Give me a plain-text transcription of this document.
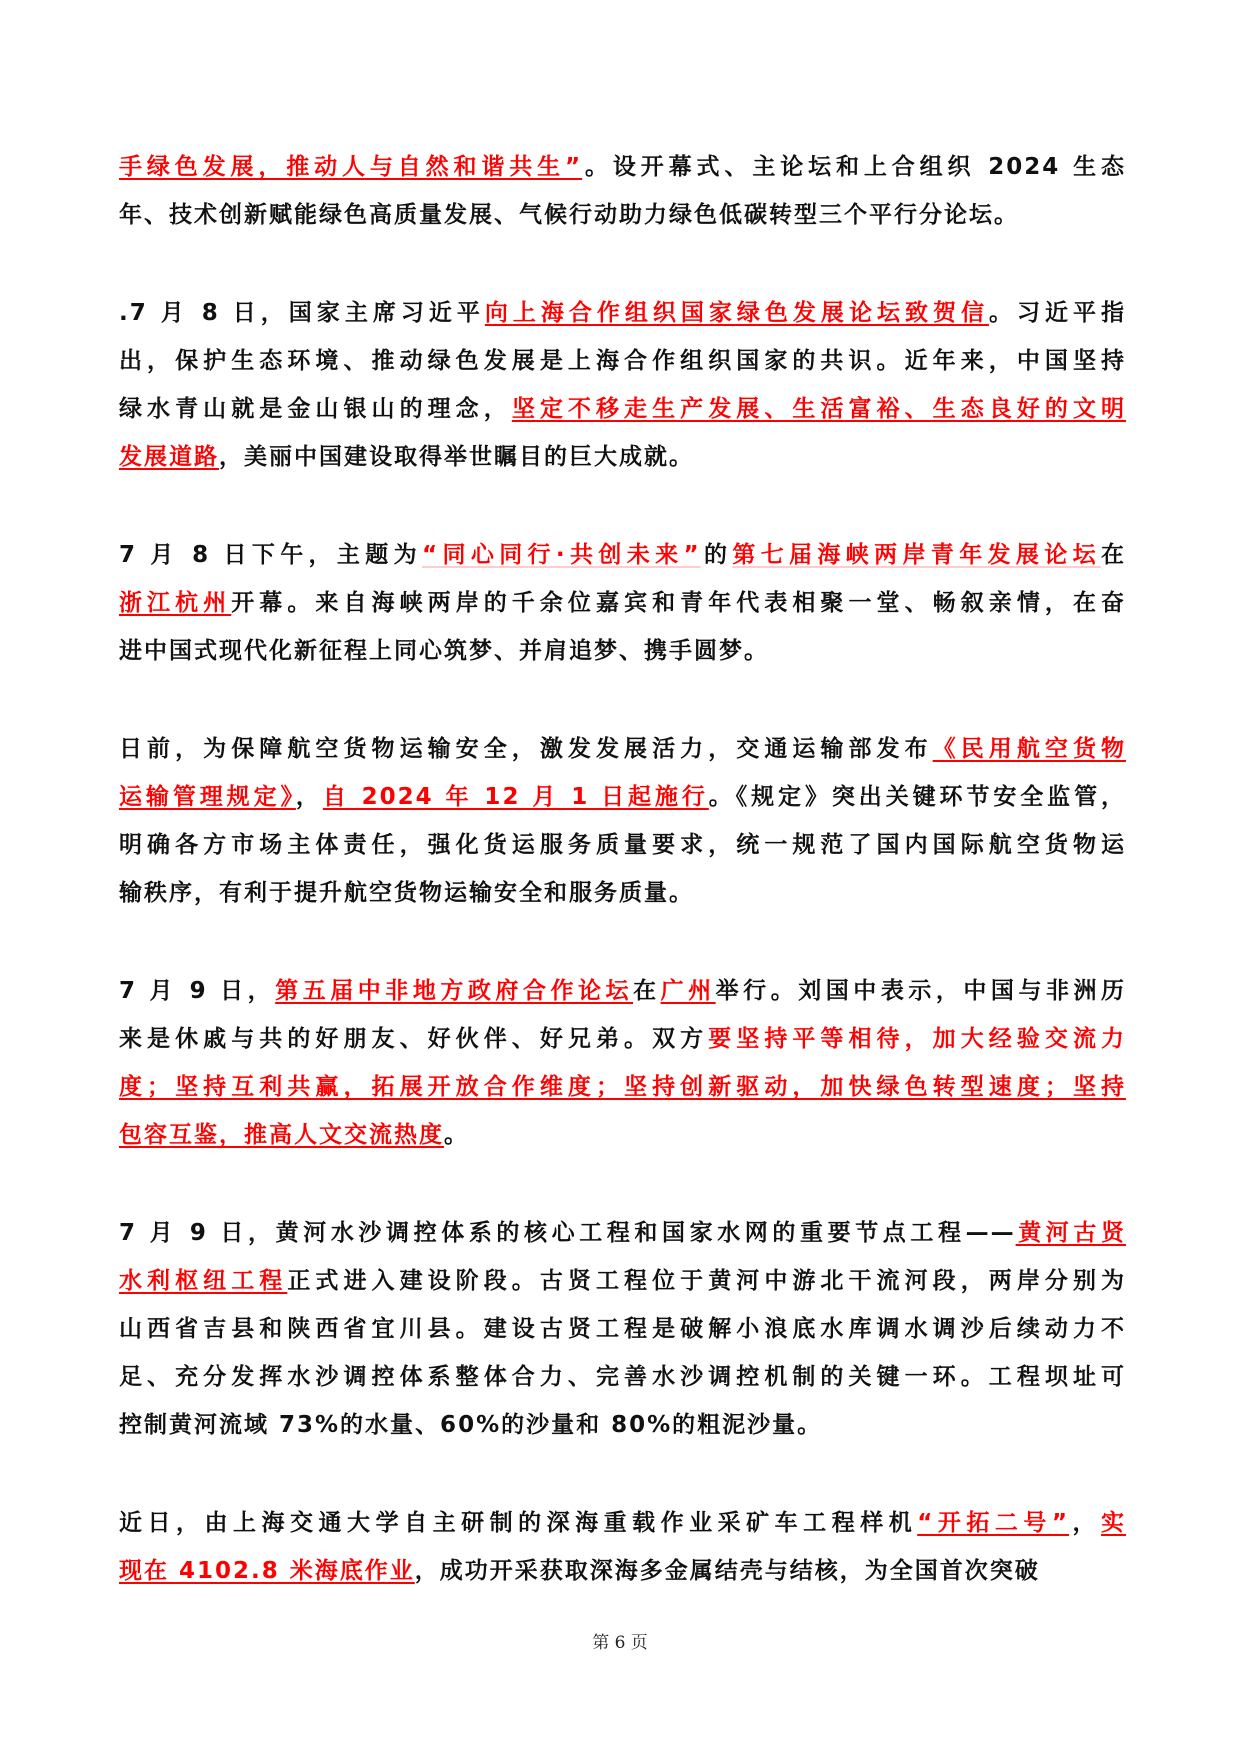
手绿色发展，推动人与自然和谐共生”。设开幕式、主论坛和上合组织 2024 生态
年、技术创新赋能绿色高质量发展、气候行动助力绿色低碳转型三个平行分论坛。
.7 月 8 日，国家主席习近平向上海合作组织国家绿色发展论坛致贺信。习近平指
出，保护生态环境、推动绿色发展是上海合作组织国家的共识。近年来，中国坚持
绿水青山就是金山银山的理念，坚定不移走生产发展、生活富裕、生态良好的文明
发展道路，美丽中国建设取得举世瞩目的巨大成就。
7 月 8 日下午，主题为“同心同行·共创未来”的第七届海峡两岸青年发展论坛在
浙江杭州开幕。来自海峡两岸的千余位嘉宾和青年代表相聚一堂、畅叙亲情，在奋
进中国式现代化新征程上同心筑梦、并肩追梦、携手圆梦。
日前，为保障航空货物运输安全，激发发展活力，交通运输部发布《民用航空货物
运输管理规定》，自 2024 年 12 月 1 日起施行。《规定》突出关键环节安全监管，
明确各方市场主体责任，强化货运服务质量要求，统一规范了国内国际航空货物运
输秩序，有利于提升航空货物运输安全和服务质量。
7 月 9 日，第五届中非地方政府合作论坛在广州举行。刘国中表示，中国与非洲历
来是休戚与共的好朋友、好伙伴、好兄弟。双方要坚持平等相待，加大经验交流力
度；坚持互利共赢，拓展开放合作维度；坚持创新驱动，加快绿色转型速度；坚持
包容互鉴，推高人文交流热度。
7 月 9 日，黄河水沙调控体系的核心工程和国家水网的重要节点工程——黄河古贤
水利枢纽工程正式进入建设阶段。古贤工程位于黄河中游北干流河段，两岸分别为
山西省吉县和陕西省宜川县。建设古贤工程是破解小浪底水库调水调沙后续动力不
足、充分发挥水沙调控体系整体合力、完善水沙调控机制的关键一环。工程坝址可
控制黄河流域 73%的水量、60%的沙量和 80%的粗泥沙量。
近日，由上海交通大学自主研制的深海重载作业采矿车工程样机“开拓二号”，实
现在 4102.8 米海底作业，成功开采获取深海多金属结壳与结核，为全国首次突破
第 6 页
